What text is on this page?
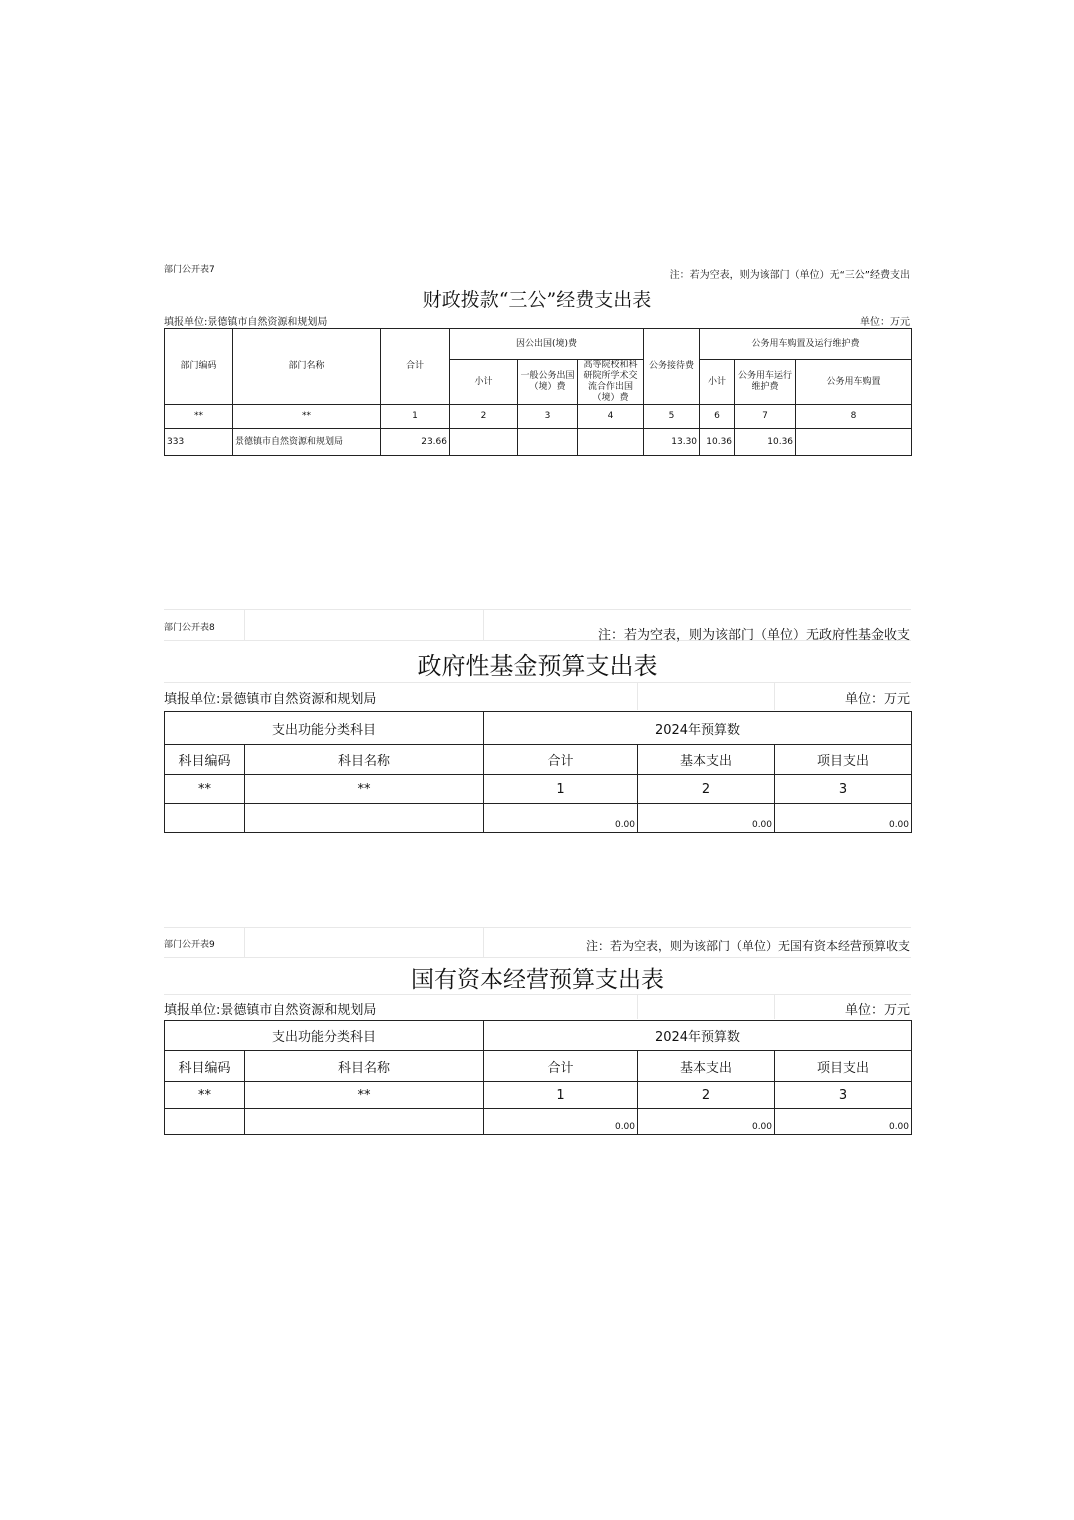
部门公开表7	注：若为空表，则为该部门（单位）无“三公”经费支出
财政拨款“三公”经费支出表
填报单位:景德镇市自然资源和规划局	单位：万元
部门编码	部门名称	合计	因公出国(境)费			公务接待费	公务用车购置及运行维护费		
			小计	一般公务出国（境）费	高等院校和科研院所学术交流合作出国（境）费		小计	公务用车运行维护费	公务用车购置
**	**	1	2	3	4	5	6	7	8
333	景德镇市自然资源和规划局	23.66				13.30	10.36	10.36	
部门公开表8	注：若为空表，则为该部门（单位）无政府性基金收支
政府性基金预算支出表
填报单位:景德镇市自然资源和规划局	单位：万元
支出功能分类科目		2024年预算数		
科目编码	科目名称	合计	基本支出	项目支出
**	**	1	2	3
		0.00	0.00	0.00
部门公开表9	注：若为空表，则为该部门（单位）无国有资本经营预算收支
国有资本经营预算支出表
填报单位:景德镇市自然资源和规划局	单位：万元
支出功能分类科目		2024年预算数		
科目编码	科目名称	合计	基本支出	项目支出
**	**	1	2	3
		0.00	0.00	0.00
